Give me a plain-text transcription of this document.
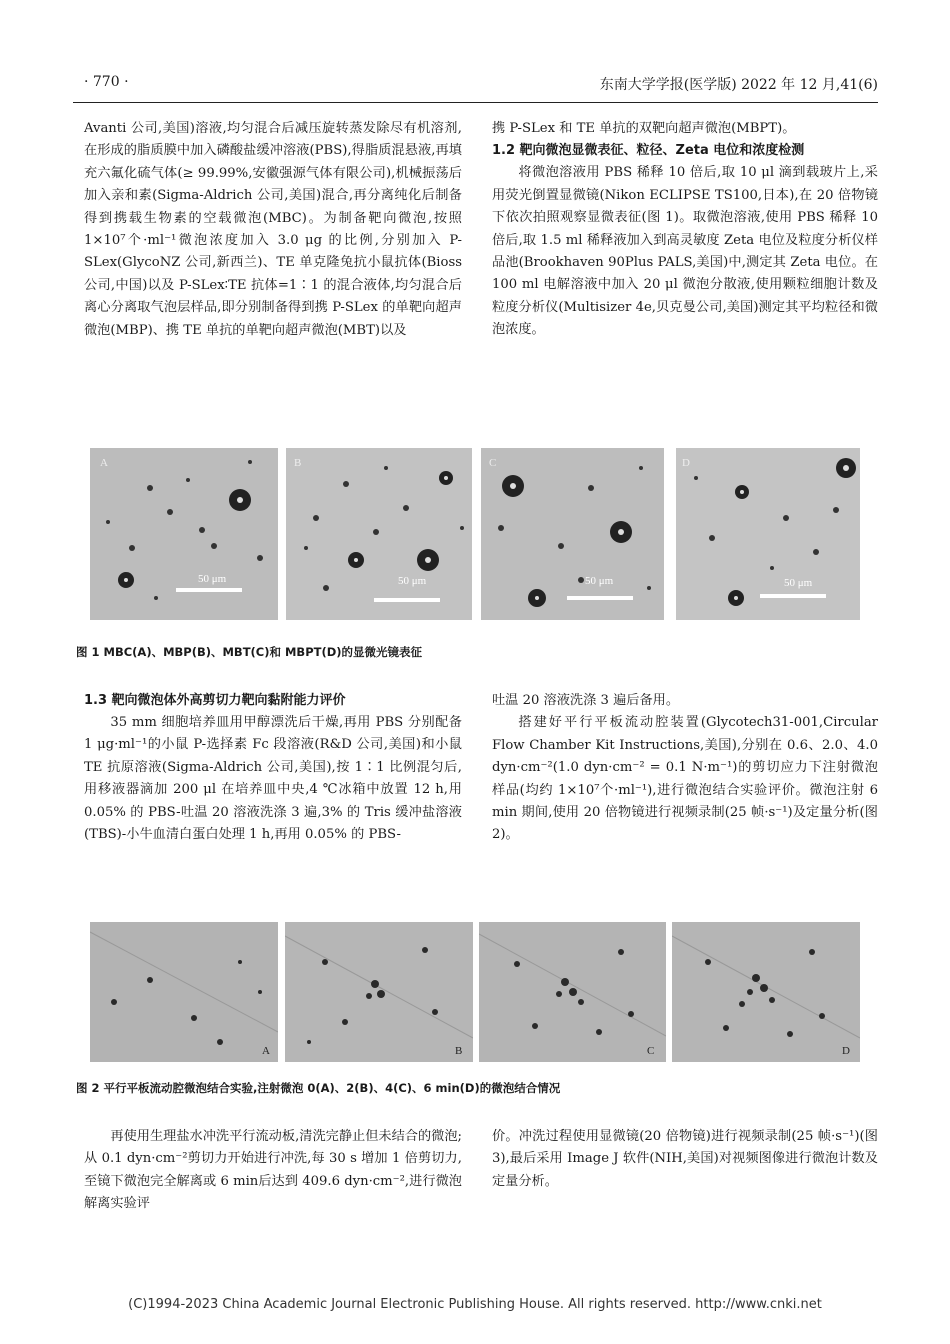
· 770 ·	东南大学学报(医学版) 2022 年 12 月,41(6)

Avanti 公司,美国)溶液,均匀混合后减压旋转蒸发除尽有机溶剂,在形成的脂质膜中加入磷酸盐缓冲溶液(PBS),得脂质混悬液,再填充六氟化硫气体(≥ 99.99%,安徽强源气体有限公司),机械振荡后加入亲和素(Sigma-Aldrich 公司,美国)混合,再分离纯化后制备得到携载生物素的空载微泡(MBC)。为制备靶向微泡,按照 1×10⁷个·ml⁻¹微泡浓度加入 3.0 μg 的比例,分别加入 P-SLex(GlycoNZ 公司,新西兰)、TE 单克隆兔抗小鼠抗体(Bioss 公司,中国)以及 P-SLex∶TE 抗体=1∶1 的混合液体,均匀混合后离心分离取气泡层样品,即分别制备得到携 P-SLex 的单靶向超声微泡(MBP)、携 TE 单抗的单靶向超声微泡(MBT)以及

携 P-SLex 和 TE 单抗的双靶向超声微泡(MBPT)。

1.2 靶向微泡显微表征、粒径、Zeta 电位和浓度检测

将微泡溶液用 PBS 稀释 10 倍后,取 10 μl 滴到载玻片上,采用荧光倒置显微镜(Nikon ECLIPSE TS100,日本),在 20 倍物镜下依次拍照观察显微表征(图 1)。取微泡溶液,使用 PBS 稀释 10 倍后,取 1.5 ml 稀释液加入到高灵敏度 Zeta 电位及粒度分析仪样品池(Brookhaven 90Plus PALS,美国)中,测定其 Zeta 电位。在 100 ml 电解溶液中加入 20 μl 微泡分散液,使用颗粒细胞计数及粒度分析仪(Multisizer 4e,贝克曼公司,美国)测定其平均粒径和微泡浓度。

A
50 μm
B
50 μm
C
50 μm
D
50 μm
图 1 MBC(A)、MBP(B)、MBT(C)和 MBPT(D)的显微光镜表征

1.3 靶向微泡体外高剪切力靶向黏附能力评价

35 mm 细胞培养皿用甲醇漂洗后干燥,再用 PBS 分别配备 1 μg·ml⁻¹的小鼠 P-选择素 Fc 段溶液(R&D 公司,美国)和小鼠 TE 抗原溶液(Sigma-Aldrich 公司,美国),按 1∶1 比例混匀后,用移液器滴加 200 μl 在培养皿中央,4 ℃冰箱中放置 12 h,用 0.05% 的 PBS-吐温 20 溶液洗涤 3 遍,3% 的 Tris 缓冲盐溶液(TBS)-小牛血清白蛋白处理 1 h,再用 0.05% 的 PBS-

吐温 20 溶液洗涤 3 遍后备用。

搭建好平行平板流动腔装置(Glycotech31-001,Circular Flow Chamber Kit Instructions,美国),分别在 0.6、2.0、4.0 dyn·cm⁻²(1.0 dyn·cm⁻² = 0.1 N·m⁻¹)的剪切应力下注射微泡样品(均约 1×10⁷个·ml⁻¹),进行微泡结合实验评价。微泡注射 6 min 期间,使用 20 倍物镜进行视频录制(25 帧·s⁻¹)及定量分析(图 2)。

A	B	C	D
图 2 平行平板流动腔微泡结合实验,注射微泡 0(A)、2(B)、4(C)、6 min(D)的微泡结合情况

再使用生理盐水冲洗平行流动板,清洗完静止但未结合的微泡;从 0.1 dyn·cm⁻²剪切力开始进行冲洗,每 30 s 增加 1 倍剪切力,至镜下微泡完全解离或 6 min后达到 409.6 dyn·cm⁻²,进行微泡解离实验评

价。冲洗过程使用显微镜(20 倍物镜)进行视频录制(25 帧·s⁻¹)(图 3),最后采用 Image J 软件(NIH,美国)对视频图像进行微泡计数及定量分析。

(C)1994-2023 China Academic Journal Electronic Publishing House. All rights reserved. http://www.cnki.net
